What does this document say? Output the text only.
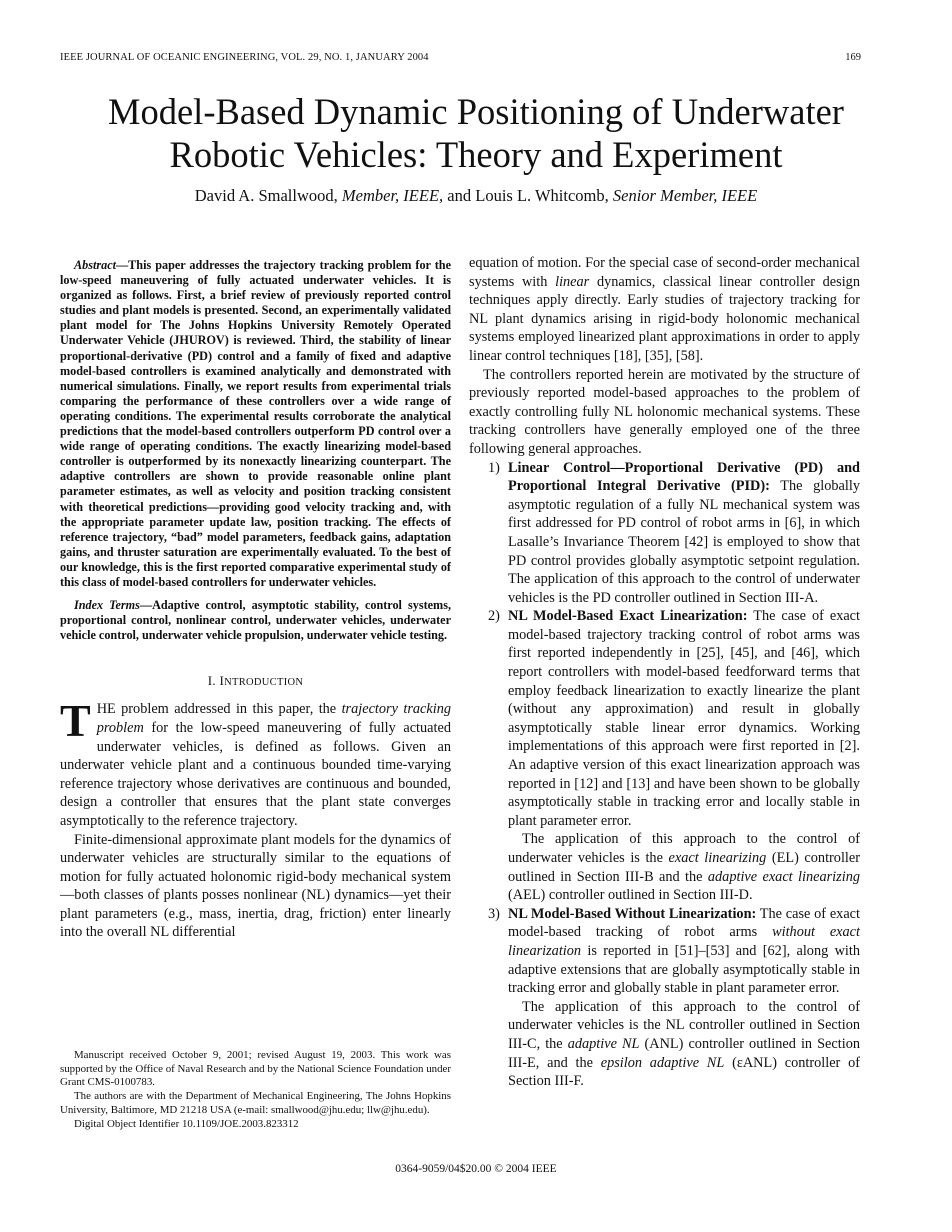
IEEE JOURNAL OF OCEANIC ENGINEERING, VOL. 29, NO. 1, JANUARY 2004	169
Model-Based Dynamic Positioning of Underwater
Robotic Vehicles: Theory and Experiment
David A. Smallwood, Member, IEEE, and Louis L. Whitcomb, Senior Member, IEEE

Abstract—This paper addresses the trajectory tracking problem for the low-speed maneuvering of fully actuated underwater vehicles. It is organized as follows. First, a brief review of previously reported control studies and plant models is presented. Second, an experimentally validated plant model for The Johns Hopkins University Remotely Operated Underwater Vehicle (JHUROV) is reviewed. Third, the stability of linear proportional-derivative (PD) control and a family of fixed and adaptive model-based controllers is examined analytically and demonstrated with numerical simulations. Finally, we report results from experimental trials comparing the performance of these controllers over a wide range of operating conditions. The experimental results corroborate the analytical predictions that the model-based controllers outperform PD control over a wide range of operating conditions. The exactly linearizing model-based controller is outperformed by its nonexactly linearizing counterpart. The adaptive controllers are shown to provide reasonable online plant parameter estimates, as well as velocity and position tracking consistent with theoretical predictions—providing good velocity tracking and, with the appropriate parameter update law, position tracking. The effects of reference trajectory, “bad” model parameters, feedback gains, adaptation gains, and thruster saturation are experimentally evaluated. To the best of our knowledge, this is the first reported comparative experimental study of this class of model-based controllers for underwater vehicles.

Index Terms—Adaptive control, asymptotic stability, control systems, proportional control, nonlinear control, underwater vehicles, underwater vehicle control, underwater vehicle propulsion, underwater vehicle testing.

I. INTRODUCTION

THE problem addressed in this paper, the trajectory tracking problem for the low-speed maneuvering of fully actuated underwater vehicles, is defined as follows. Given an underwater vehicle plant and a continuous bounded time-varying reference trajectory whose derivatives are continuous and bounded, design a controller that ensures that the plant state converges asymptotically to the reference trajectory.

Finite-dimensional approximate plant models for the dynamics of underwater vehicles are structurally similar to the equations of motion for fully actuated holonomic rigid-body mechanical system—both classes of plants posses nonlinear (NL) dynamics—yet their plant parameters (e.g., mass, inertia, drag, friction) enter linearly into the overall NL differential

Manuscript received October 9, 2001; revised August 19, 2003. This work was supported by the Office of Naval Research and by the National Science Foundation under Grant CMS-0100783.

The authors are with the Department of Mechanical Engineering, The Johns Hopkins University, Baltimore, MD 21218 USA (e-mail: smallwood@jhu.edu; llw@jhu.edu).

Digital Object Identifier 10.1109/JOE.2003.823312

equation of motion. For the special case of second-order mechanical systems with linear dynamics, classical linear controller design techniques apply directly. Early studies of trajectory tracking for NL plant dynamics arising in rigid-body holonomic mechanical systems employed linearized plant approximations in order to apply linear control techniques [18], [35], [58].

The controllers reported herein are motivated by the structure of previously reported model-based approaches to the problem of exactly controlling fully NL holonomic mechanical systems. These tracking controllers have generally employed one of the three following general approaches.

1) Linear Control—Proportional Derivative (PD) and Proportional Integral Derivative (PID): The globally asymptotic regulation of a fully NL mechanical system was first addressed for PD control of robot arms in [6], in which Lasalle’s Invariance Theorem [42] is employed to show that PD control provides globally asymptotic setpoint regulation. The application of this approach to the control of underwater vehicles is the PD controller outlined in Section III-A.

2) NL Model-Based Exact Linearization: The case of exact model-based trajectory tracking control of robot arms was first reported independently in [25], [45], and [46], which report controllers with model-based feedforward terms that employ feedback linearization to exactly linearize the plant (without any approximation) and result in globally asymptotically stable linear error dynamics. Working implementations of this approach were first reported in [2]. An adaptive version of this exact linearization approach was reported in [12] and [13] and have been shown to be globally asymptotically stable in tracking error and locally stable in plant parameter error.

The application of this approach to the control of underwater vehicles is the exact linearizing (EL) controller outlined in Section III-B and the adaptive exact linearizing (AEL) controller outlined in Section III-D.

3) NL Model-Based Without Linearization: The case of exact model-based tracking of robot arms without exact linearization is reported in [51]–[53] and [62], along with adaptive extensions that are globally asymptotically stable in tracking error and globally stable in plant parameter error.

The application of this approach to the control of underwater vehicles is the NL controller outlined in Section III-C, the adaptive NL (ANL) controller outlined in Section III-E, and the epsilon adaptive NL (εANL) controller of Section III-F.

0364-9059/04$20.00 © 2004 IEEE
